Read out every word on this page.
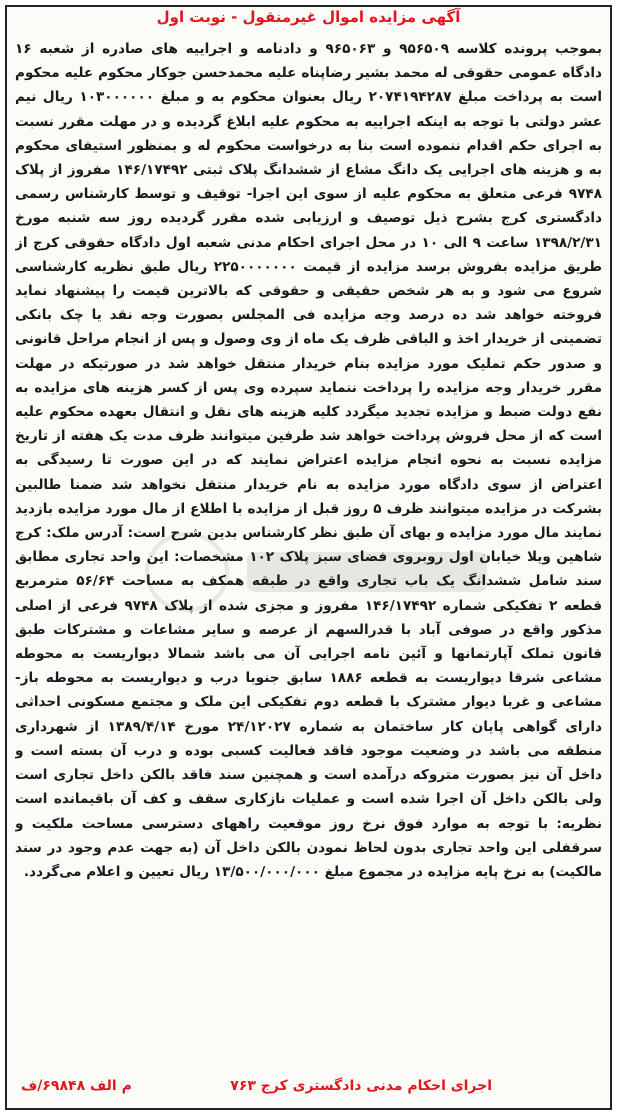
آگهی مزایده اموال غیرمنقول - نوبت اول

بموجب پرونده کلاسه ۹۵۶۵۰۹ و ۹۶۵۰۶۳ و دادنامه و اجراییه های صادره از شعبه ۱۶ دادگاه عمومی حقوقی له محمد بشیر رضاپناه علیه محمدحسن جوکار محکوم علیه محکوم است به پرداخت مبلغ ۲۰۷۴۱۹۴۲۸۷ ریال بعنوان محکوم به و مبلغ ۱۰۳۰۰۰۰۰۰ ریال نیم عشر دولتی با توجه به اینکه اجراییه به محکوم علیه ابلاغ گردیده و در مهلت مقرر نسبت به اجرای حکم اقدام ننموده است بنا به درخواست محکوم له و بمنظور استیفای محکوم به و هزینه های اجرایی یک دانگ مشاع از ششدانگ پلاک ثبتی ۱۴۶/۱۷۴۹۲ مفروز از پلاک ۹۷۴۸ فرعی متعلق به محکوم علیه از سوی این اجرا- توقیف و توسط کارشناس رسمی دادگستری کرج بشرح ذیل توصیف و ارزیابی شده مقرر گردیده روز سه شنبه مورخ ۱۳۹۸/۲/۳۱ ساعت ۹ الی ۱۰ در محل اجرای احکام مدنی شعبه اول دادگاه حقوقی کرج از طریق مزایده بفروش برسد مزایده از قیمت ۲۲۵۰۰۰۰۰۰۰ ریال طبق نظریه کارشناسی شروع می شود و به هر شخص حقیقی و حقوقی که بالاترین قیمت را پیشنهاد نماید فروخته خواهد شد ده درصد وجه مزایده فی المجلس بصورت وجه نقد یا چک بانکی تضمینی از خریدار اخذ و الباقی ظرف یک ماه از وی وصول و پس از انجام مراحل قانونی و صدور حکم تملیک مورد مزایده بنام خریدار منتقل خواهد شد در صورتیکه در مهلت مقرر خریدار وجه مزایده را پرداخت ننماید سپرده وی پس از کسر هزینه های مزایده به نفع دولت ضبط و مزایده تجدید میگردد کلیه هزینه های نقل و انتقال بعهده محکوم علیه است که از محل فروش پرداخت خواهد شد طرفین میتوانند ظرف مدت یک هفته از تاریخ مزایده نسبت به نحوه انجام مزایده اعتراض نمایند که در این صورت تا رسیدگی به اعتراض از سوی دادگاه مورد مزایده به نام خریدار منتقل نخواهد شد ضمنا طالبین بشرکت در مزایده میتوانند ظرف ۵ روز قبل از مزایده با اطلاع از مال مورد مزایده بازدید نمایند مال مورد مزایده و بهای آن طبق نظر کارشناس بدین شرح است: آدرس ملک: کرج شاهین ویلا خیابان اول روبروی فضای سبز پلاک ۱۰۲ مشخصات: این واحد تجاری مطابق سند شامل ششدانگ یک باب تجاری واقع در طبقه همکف به مساحت ۵۶/۶۴ مترمربع قطعه ۲ تفکیکی شماره ۱۴۶/۱۷۴۹۲ مفروز و مجزی شده از پلاک ۹۷۴۸ فرعی از اصلی مذکور واقع در صوفی آباد با قدرالسهم از عرصه و سایر مشاعات و مشترکات طبق قانون تملک آپارتمانها و آئین نامه اجرایی آن می باشد شمالا دیواریست به محوطه مشاعی شرقا دیواریست به قطعه ۱۸۸۶ سابق جنوبا درب و دیواریست به محوطه باز- مشاعی و غربا دیوار مشترک با قطعه دوم تفکیکی این ملک و مجتمع مسکونی احداثی دارای گواهی پایان کار ساختمان به شماره ۲۴/۱۲۰۲۷ مورخ ۱۳۸۹/۴/۱۴ از شهرداری منطقه می باشد در وضعیت موجود فاقد فعالیت کسبی بوده و درب آن بسته است و داخل آن نیز بصورت متروکه درآمده است و همچنین سند فاقد بالکن داخل تجاری است ولی بالکن داخل آن اجرا شده است و عملیات نازکاری سقف و کف آن باقیمانده است نظریه: با توجه به موارد فوق نرخ روز موقعیت راههای دسترسی مساحت ملکیت و سرقفلی این واحد تجاری بدون لحاظ نمودن بالکن داخل آن (به جهت عدم وجود در سند مالکیت) به نرخ پایه مزایده در مجموع مبلغ ۱۳/۵۰۰/۰۰۰/۰۰۰ ریال تعیین و اعلام می‌گردد.

اجرای احکام مدنی دادگستری کرج ۷۶۳
م الف ۶۹۸۴۸/ف
